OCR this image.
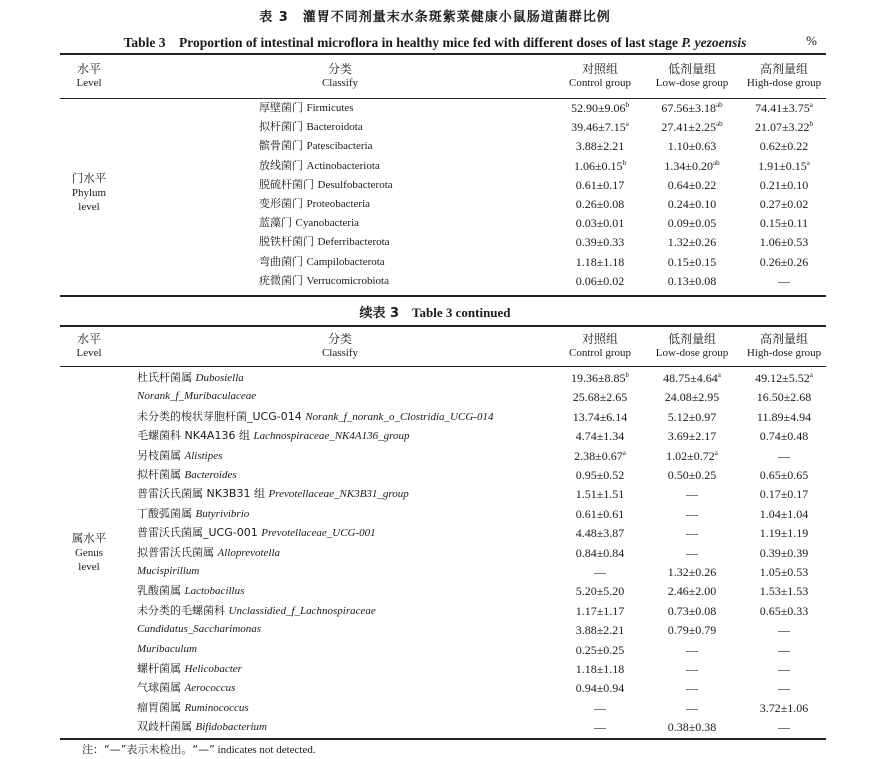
表 3　灌胃不同剂量末水条斑紫菜健康小鼠肠道菌群比例
Table 3　Proportion of intestinal microflora in healthy mice fed with different doses of last stage P. yezoensis	%
水平
Level
分类
Classify
对照组
Control group
低剂量组
Low-dose group
高剂量组
High-dose group
门水平
Phylum
level
厚壁菌门 Firmicutes	52.90±9.06$^b$	67.56±3.18$^{ab}$	74.41±3.75$^a$
拟杆菌门 Bacteroidota	39.46±7.15$^a$	27.41±2.25$^{ab}$	21.07±3.22$^b$
髌骨菌门 Patescibacteria	3.88±2.21	1.10±0.63	0.62±0.22
放线菌门 Actinobacteriota	1.06±0.15$^b$	1.34±0.20$^{ab}$	1.91±0.15$^a$
脱硫杆菌门 Desulfobacterota	0.61±0.17	0.64±0.22	0.21±0.10
变形菌门 Proteobacteria	0.26±0.08	0.24±0.10	0.27±0.02
蓝藻门 Cyanobacteria	0.03±0.01	0.09±0.05	0.15±0.11
脱铁杆菌门 Deferribacterota	0.39±0.33	1.32±0.26	1.06±0.53
弯曲菌门 Campilobacterota	1.18±1.18	0.15±0.15	0.26±0.26
疣微菌门 Verrucomicrobiota	0.06±0.02	0.13±0.08	—
续表 3　 Table 3 continued
水平
Level
分类
Classify
对照组
Control group
低剂量组
Low-dose group
高剂量组
High-dose group
属水平
Genus
level
杜氏杆菌属 Dubosiella	19.36±8.85$^b$	48.75±4.64$^a$	49.12±5.52$^a$
Norank_f_Muribaculaceae	25.68±2.65	24.08±2.95	16.50±2.68
未分类的梭状芽胞杆菌_UCG-014 Norank_f_norank_o_Clostridia_UCG-014	13.74±6.14	5.12±0.97	11.89±4.94
毛螺菌科 NK4A136 组 Lachnospiraceae_NK4A136_group	4.74±1.34	3.69±2.17	0.74±0.48
另枝菌属 Alistipes	2.38±0.67$^a$	1.02±0.72$^a$	—
拟杆菌属 Bacteroides	0.95±0.52	0.50±0.25	0.65±0.65
普雷沃氏菌属 NK3B31 组 Prevotellaceae_NK3B31_group	1.51±1.51	—	0.17±0.17
丁酸弧菌属 Butyrivibrio	0.61±0.61	—	1.04±1.04
普雷沃氏菌属_UCG-001 Prevotellaceae_UCG-001	4.48±3.87	—	1.19±1.19
拟普雷沃氏菌属 Alloprevotella	0.84±0.84	—	0.39±0.39
Mucispirillum	—	1.32±0.26	1.05±0.53
乳酸菌属 Lactobacillus	5.20±5.20	2.46±2.00	1.53±1.53
未分类的毛螺菌科 Unclassidied_f_Lachnospiraceae	1.17±1.17	0.73±0.08	0.65±0.33
Candidatus_Saccharimonas	3.88±2.21	0.79±0.79	—
Muribaculum	0.25±0.25	—	—
螺杆菌属 Helicobacter	1.18±1.18	—	—
气球菌属 Aerococcus	0.94±0.94	—	—
瘤胃菌属 Ruminococcus	—	—	3.72±1.06
双歧杆菌属 Bifidobacterium	—	0.38±0.38	—
注：“—”表示未检出。“—” indicates not detected.
